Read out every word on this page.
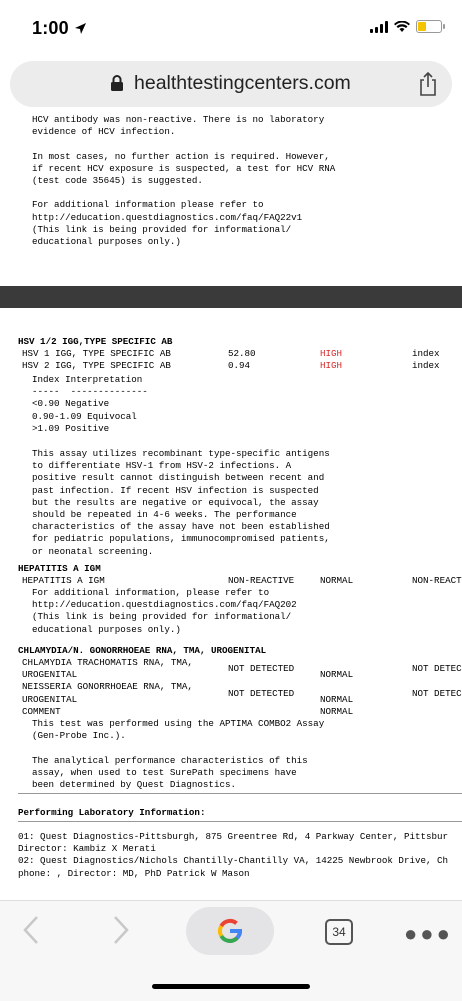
1:00
healthtestingcenters.com
HCV antibody was non-reactive. There is no laboratory
evidence of HCV infection.

In most cases, no further action is required. However,
if recent HCV exposure is suspected, a test for HCV RNA
(test code 35645) is suggested.

For additional information please refer to
http://education.questdiagnostics.com/faq/FAQ22v1
(This link is being provided for informational/
educational purposes only.)
HSV 1/2 IGG,TYPE SPECIFIC AB
HSV 1 IGG, TYPE SPECIFIC AB	52.80	HIGH	index
HSV 2 IGG, TYPE SPECIFIC AB	0.94	HIGH	index
Index Interpretation
-----  --------------
<0.90 Negative
0.90-1.09 Equivocal
>1.09 Positive
This assay utilizes recombinant type-specific antigens
to differentiate HSV-1 from HSV-2 infections. A
positive result cannot distinguish between recent and
past infection. If recent HSV infection is suspected
but the results are negative or equivocal, the assay
should be repeated in 4-6 weeks. The performance
characteristics of the assay have not been established
for pediatric populations, immunocompromised patients,
or neonatal screening.
HEPATITIS A IGM
HEPATITIS A IGM	NON-REACTIVE	NORMAL	NON-REACT
For additional information, please refer to
http://education.questdiagnostics.com/faq/FAQ202
(This link is being provided for informational/
educational purposes only.)
CHLAMYDIA/N. GONORRHOEAE RNA, TMA, UROGENITAL
CHLAMYDIA TRACHOMATIS RNA, TMA,
UROGENITAL	NOT DETECTED	NORMAL	NOT DETEC

NEISSERIA GONORRHOEAE RNA, TMA,
UROGENITAL	NOT DETECTED	NORMAL	NOT DETEC
COMMENT		NORMAL	
This test was performed using the APTIMA COMBO2 Assay
(Gen-Probe Inc.).

The analytical performance characteristics of this
assay, when used to test SurePath specimens have
been determined by Quest Diagnostics.
Performing Laboratory Information:
01: Quest Diagnostics-Pittsburgh, 875 Greentree Rd, 4 Parkway Center, Pittsbur
Director: Kambiz X Merati
02: Quest Diagnostics/Nichols Chantilly-Chantilly VA, 14225 Newbrook Drive, Ch
phone: , Director: MD, PhD Patrick W Mason
34	●●●
